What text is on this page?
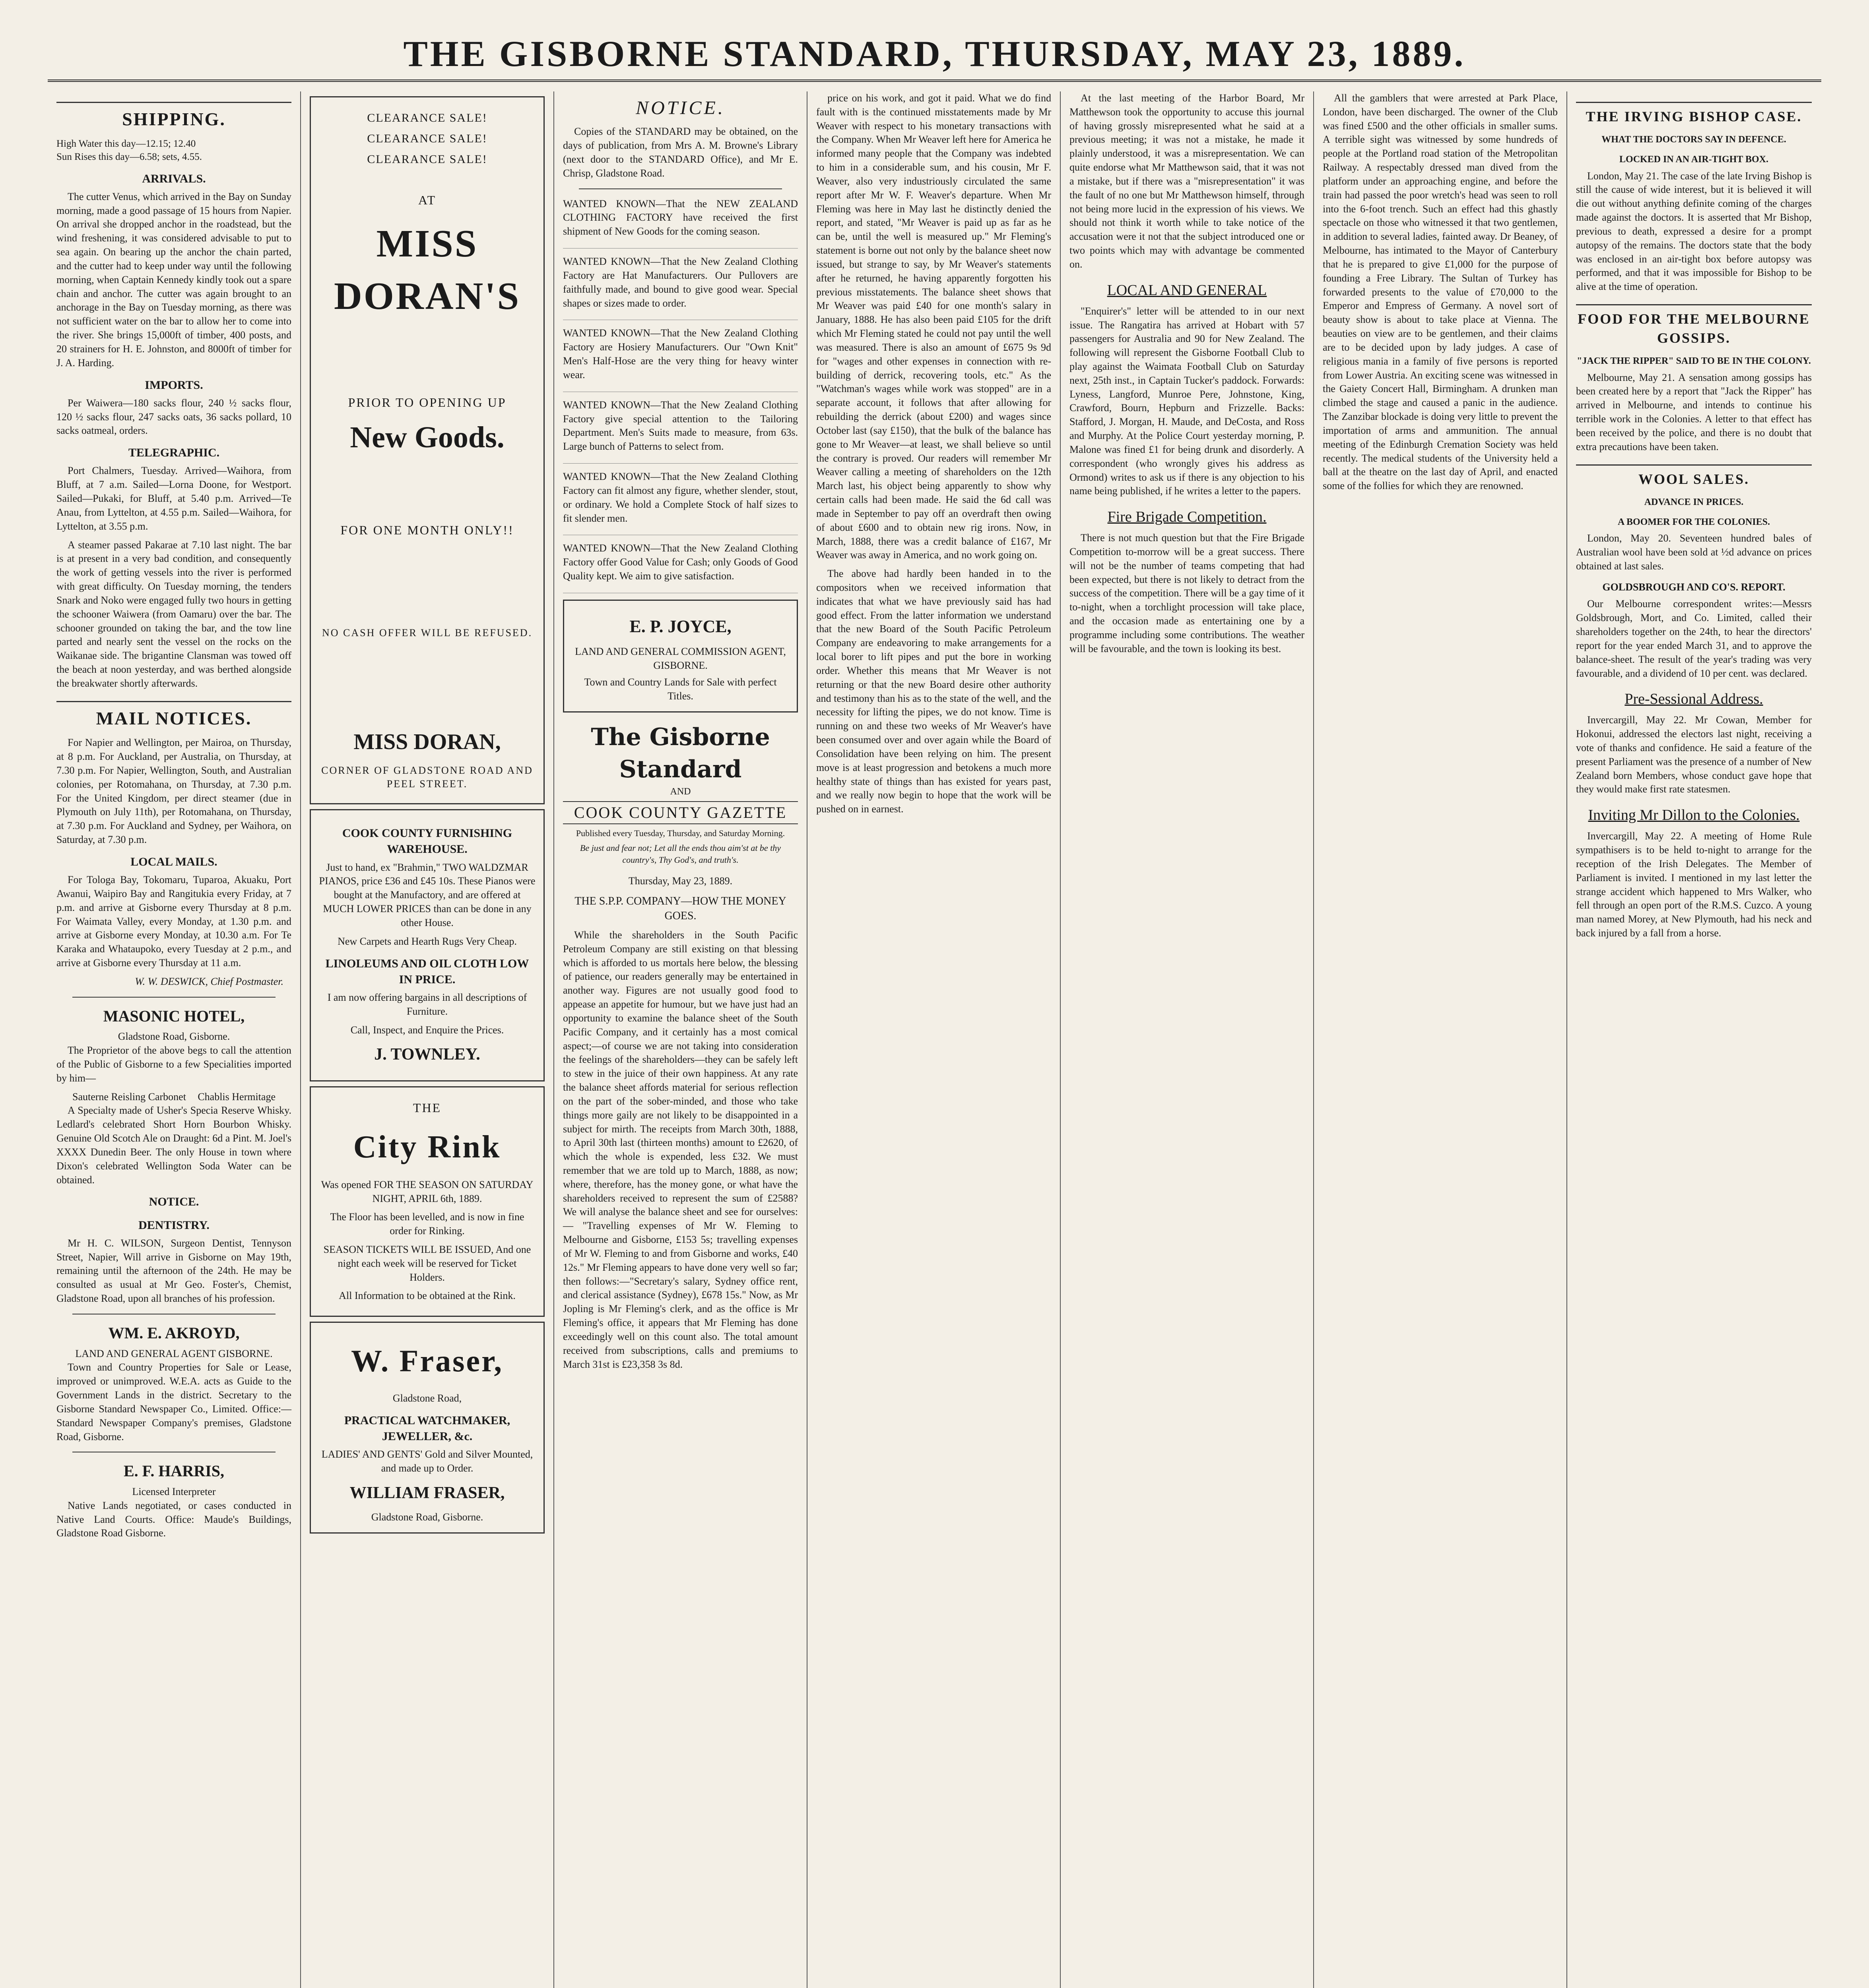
THE GISBORNE STANDARD, THURSDAY, MAY 23, 1889.
SHIPPING.
High Water this day—12.15; 12.40
Sun Rises this day—6.58; sets, 4.55.
ARRIVALS.

The cutter Venus, which arrived in the Bay on Sunday morning, made a good passage of 15 hours from Napier. On arrival she dropped anchor in the roadstead, but the wind freshening, it was considered advisable to put to sea again. On bearing up the anchor the chain parted, and the cutter had to keep under way until the following morning, when Captain Kennedy kindly took out a spare chain and anchor. The cutter was again brought to an anchorage in the Bay on Tuesday morning, as there was not sufficient water on the bar to allow her to come into the river. She brings 15,000ft of timber, 400 posts, and 20 strainers for H. E. Johnston, and 8000ft of timber for J. A. Harding.

IMPORTS.

Per Waiwera—180 sacks flour, 240 ½ sacks flour, 120 ½ sacks flour, 247 sacks oats, 36 sacks pollard, 10 sacks oatmeal, orders.

TELEGRAPHIC.

Port Chalmers, Tuesday. Arrived—Waihora, from Bluff, at 7 a.m. Sailed—Lorna Doone, for Westport. Sailed—Pukaki, for Bluff, at 5.40 p.m. Arrived—Te Anau, from Lyttelton, at 4.55 p.m. Sailed—Waihora, for Lyttelton, at 3.55 p.m.

A steamer passed Pakarae at 7.10 last night. The bar is at present in a very bad condition, and consequently the work of getting vessels into the river is performed with great difficulty. On Tuesday morning, the tenders Snark and Noko were engaged fully two hours in getting the schooner Waiwera (from Oamaru) over the bar. The schooner grounded on taking the bar, and the tow line parted and nearly sent the vessel on the rocks on the Waikanae side. The brigantine Clansman was towed off the beach at noon yesterday, and was berthed alongside the breakwater shortly afterwards.

MAIL NOTICES.

For Napier and Wellington, per Mairoa, on Thursday, at 8 p.m. For Auckland, per Australia, on Thursday, at 7.30 p.m. For Napier, Wellington, South, and Australian colonies, per Rotomahana, on Thursday, at 7.30 p.m. For the United Kingdom, per direct steamer (due in Plymouth on July 11th), per Rotomahana, on Thursday, at 7.30 p.m. For Auckland and Sydney, per Waihora, on Saturday, at 7.30 p.m.

LOCAL MAILS.

For Tologa Bay, Tokomaru, Tuparoa, Akuaku, Port Awanui, Waipiro Bay and Rangitukia every Friday, at 7 p.m. and arrive at Gisborne every Thursday at 8 p.m. For Waimata Valley, every Monday, at 1.30 p.m. and arrive at Gisborne every Monday, at 10.30 a.m. For Te Karaka and Whataupoko, every Tuesday at 2 p.m., and arrive at Gisborne every Thursday at 11 a.m.

W. W. DESWICK, Chief Postmaster.
MASONIC HOTEL,
Gladstone Road, Gisborne.

The Proprietor of the above begs to call the attention of the Public of Gisborne to a few Specialities imported by him—

Sauterne Reisling Carbonet Chablis Hermitage

A Specialty made of Usher's Specia Reserve Whisky. Ledlard's celebrated Short Horn Bourbon Whisky. Genuine Old Scotch Ale on Draught: 6d a Pint. M. Joel's XXXX Dunedin Beer. The only House in town where Dixon's celebrated Wellington Soda Water can be obtained.

NOTICE.
DENTISTRY.

Mr H. C. WILSON, Surgeon Dentist, Tennyson Street, Napier, Will arrive in Gisborne on May 19th, remaining until the afternoon of the 24th. He may be consulted as usual at Mr Geo. Foster's, Chemist, Gladstone Road, upon all branches of his profession.

WM. E. AKROYD,
LAND AND GENERAL AGENT GISBORNE.

Town and Country Properties for Sale or Lease, improved or unimproved. W.E.A. acts as Guide to the Government Lands in the district. Secretary to the Gisborne Standard Newspaper Co., Limited. Office:—Standard Newspaper Company's premises, Gladstone Road, Gisborne.

E. F. HARRIS,
Licensed Interpreter

Native Lands negotiated, or cases conducted in Native Land Courts. Office: Maude's Buildings, Gladstone Road Gisborne.

CLEARANCE SALE!
CLEARANCE SALE!
CLEARANCE SALE!
AT
MISS DORAN'S
PRIOR TO OPENING UP
New Goods.
FOR ONE MONTH ONLY!!
NO CASH OFFER WILL BE REFUSED.
MISS DORAN,
CORNER OF GLADSTONE ROAD AND PEEL STREET.
COOK COUNTY FURNISHING WAREHOUSE.

Just to hand, ex "Brahmin," TWO WALDZMAR PIANOS, price £36 and £45 10s. These Pianos were bought at the Manufactory, and are offered at MUCH LOWER PRICES than can be done in any other House.

New Carpets and Hearth Rugs Very Cheap.

LINOLEUMS AND OIL CLOTH LOW IN PRICE.

I am now offering bargains in all descriptions of Furniture.

Call, Inspect, and Enquire the Prices.

J. TOWNLEY.
THE
City Rink

Was opened FOR THE SEASON ON SATURDAY NIGHT, APRIL 6th, 1889.

The Floor has been levelled, and is now in fine order for Rinking.

SEASON TICKETS WILL BE ISSUED, And one night each week will be reserved for Ticket Holders.

All Information to be obtained at the Rink.

W. Fraser,
Gladstone Road,
PRACTICAL WATCHMAKER, JEWELLER, &c.

LADIES' AND GENTS' Gold and Silver Mounted, and made up to Order.

WILLIAM FRASER,
Gladstone Road, Gisborne.
NOTICE.

Copies of the STANDARD may be obtained, on the days of publication, from Mrs A. M. Browne's Library (next door to the STANDARD Office), and Mr E. Chrisp, Gladstone Road.

WANTED KNOWN—That the NEW ZEALAND CLOTHING FACTORY have received the first shipment of New Goods for the coming season.

WANTED KNOWN—That the New Zealand Clothing Factory are Hat Manufacturers. Our Pullovers are faithfully made, and bound to give good wear. Special shapes or sizes made to order.

WANTED KNOWN—That the New Zealand Clothing Factory are Hosiery Manufacturers. Our "Own Knit" Men's Half-Hose are the very thing for heavy winter wear.

WANTED KNOWN—That the New Zealand Clothing Factory give special attention to the Tailoring Department. Men's Suits made to measure, from 63s. Large bunch of Patterns to select from.

WANTED KNOWN—That the New Zealand Clothing Factory can fit almost any figure, whether slender, stout, or ordinary. We hold a Complete Stock of half sizes to fit slender men.

WANTED KNOWN—That the New Zealand Clothing Factory offer Good Value for Cash; only Goods of Good Quality kept. We aim to give satisfaction.

E. P. JOYCE,
LAND AND GENERAL COMMISSION AGENT, GISBORNE.
Town and Country Lands for Sale with perfect Titles.
The Gisborne Standard
AND
COOK COUNTY GAZETTE
Published every Tuesday, Thursday, and Saturday Morning.
Be just and fear not; Let all the ends thou aim'st at be thy country's, Thy God's, and truth's.
Thursday, May 23, 1889.
THE S.P.P. COMPANY—HOW THE MONEY GOES.

While the shareholders in the South Pacific Petroleum Company are still existing on that blessing which is afforded to us mortals here below, the blessing of patience, our readers generally may be entertained in another way. Figures are not usually good food to appease an appetite for humour, but we have just had an opportunity to examine the balance sheet of the South Pacific Company, and it certainly has a most comical aspect;—of course we are not taking into consideration the feelings of the shareholders—they can be safely left to stew in the juice of their own happiness. At any rate the balance sheet affords material for serious reflection on the part of the sober-minded, and those who take things more gaily are not likely to be disappointed in a subject for mirth. The receipts from March 30th, 1888, to April 30th last (thirteen months) amount to £2620, of which the whole is expended, less £32. We must remember that we are told up to March, 1888, as now; where, therefore, has the money gone, or what have the shareholders received to represent the sum of £2588? We will analyse the balance sheet and see for ourselves:— "Travelling expenses of Mr W. Fleming to Melbourne and Gisborne, £153 5s; travelling expenses of Mr W. Fleming to and from Gisborne and works, £40 12s." Mr Fleming appears to have done very well so far; then follows:—"Secretary's salary, Sydney office rent, and clerical assistance (Sydney), £678 15s." Now, as Mr Jopling is Mr Fleming's clerk, and as the office is Mr Fleming's office, it appears that Mr Fleming has done exceedingly well on this count also. The total amount received from subscriptions, calls and premiums to March 31st is £23,358 3s 8d.

price on his work, and got it paid. What we do find fault with is the continued misstatements made by Mr Weaver with respect to his monetary transactions with the Company. When Mr Weaver left here for America he informed many people that the Company was indebted to him in a considerable sum, and his cousin, Mr F. Weaver, also very industriously circulated the same report after Mr W. F. Weaver's departure. When Mr Fleming was here in May last he distinctly denied the report, and stated, "Mr Weaver is paid up as far as he can be, until the well is measured up." Mr Fleming's statement is borne out not only by the balance sheet now issued, but strange to say, by Mr Weaver's statements after he returned, he having apparently forgotten his previous misstatements. The balance sheet shows that Mr Weaver was paid £40 for one month's salary in January, 1888. He has also been paid £105 for the drift which Mr Fleming stated he could not pay until the well was measured. There is also an amount of £675 9s 9d for "wages and other expenses in connection with re-building of derrick, recovering tools, etc." As the "Watchman's wages while work was stopped" are in a separate account, it follows that after allowing for rebuilding the derrick (about £200) and wages since October last (say £150), that the bulk of the balance has gone to Mr Weaver—at least, we shall believe so until the contrary is proved. Our readers will remember Mr Weaver calling a meeting of shareholders on the 12th March last, his object being apparently to show why certain calls had been made. He said the 6d call was made in September to pay off an overdraft then owing of about £600 and to obtain new rig irons. Now, in March, 1888, there was a credit balance of £167, Mr Weaver was away in America, and no work going on.

The above had hardly been handed in to the compositors when we received information that indicates that what we have previously said has had good effect. From the latter information we understand that the new Board of the South Pacific Petroleum Company are endeavoring to make arrangements for a local borer to lift pipes and put the bore in working order. Whether this means that Mr Weaver is not returning or that the new Board desire other authority and testimony than his as to the state of the well, and the necessity for lifting the pipes, we do not know. Time is running on and these two weeks of Mr Weaver's have been consumed over and over again while the Board of Consolidation have been relying on him. The present move is at least progression and betokens a much more healthy state of things than has existed for years past, and we really now begin to hope that the work will be pushed on in earnest.

At the last meeting of the Harbor Board, Mr Matthewson took the opportunity to accuse this journal of having grossly misrepresented what he said at a previous meeting; it was not a mistake, he made it plainly understood, it was a misrepresentation. We can quite endorse what Mr Matthewson said, that it was not a mistake, but if there was a "misrepresentation" it was the fault of no one but Mr Matthewson himself, through not being more lucid in the expression of his views. We should not think it worth while to take notice of the accusation were it not that the subject introduced one or two points which may with advantage be commented on.

LOCAL AND GENERAL

"Enquirer's" letter will be attended to in our next issue. The Rangatira has arrived at Hobart with 57 passengers for Australia and 90 for New Zealand. The following will represent the Gisborne Football Club to play against the Waimata Football Club on Saturday next, 25th inst., in Captain Tucker's paddock. Forwards: Lyness, Langford, Munroe Pere, Johnstone, King, Crawford, Bourn, Hepburn and Frizzelle. Backs: Stafford, J. Morgan, H. Maude, and DeCosta, and Ross and Murphy. At the Police Court yesterday morning, P. Malone was fined £1 for being drunk and disorderly. A correspondent (who wrongly gives his address as Ormond) writes to ask us if there is any objection to his name being published, if he writes a letter to the papers.

Fire Brigade Competition.

There is not much question but that the Fire Brigade Competition to-morrow will be a great success. There will not be the number of teams competing that had been expected, but there is not likely to detract from the success of the competition. There will be a gay time of it to-night, when a torchlight procession will take place, and the occasion made as entertaining one by a programme including some contributions. The weather will be favourable, and the town is looking its best.

All the gamblers that were arrested at Park Place, London, have been discharged. The owner of the Club was fined £500 and the other officials in smaller sums. A terrible sight was witnessed by some hundreds of people at the Portland road station of the Metropolitan Railway. A respectably dressed man dived from the platform under an approaching engine, and before the train had passed the poor wretch's head was seen to roll into the 6-foot trench. Such an effect had this ghastly spectacle on those who witnessed it that two gentlemen, in addition to several ladies, fainted away. Dr Beaney, of Melbourne, has intimated to the Mayor of Canterbury that he is prepared to give £1,000 for the purpose of founding a Free Library. The Sultan of Turkey has forwarded presents to the value of £70,000 to the Emperor and Empress of Germany. A novel sort of beauty show is about to take place at Vienna. The beauties on view are to be gentlemen, and their claims are to be decided upon by lady judges. A case of religious mania in a family of five persons is reported from Lower Austria. An exciting scene was witnessed in the Gaiety Concert Hall, Birmingham. A drunken man climbed the stage and caused a panic in the audience. The Zanzibar blockade is doing very little to prevent the importation of arms and ammunition. The annual meeting of the Edinburgh Cremation Society was held recently. The medical students of the University held a ball at the theatre on the last day of April, and enacted some of the follies for which they are renowned.

THE IRVING BISHOP CASE.
WHAT THE DOCTORS SAY IN DEFENCE.
LOCKED IN AN AIR-TIGHT BOX.

London, May 21. The case of the late Irving Bishop is still the cause of wide interest, but it is believed it will die out without anything definite coming of the charges made against the doctors. It is asserted that Mr Bishop, previous to death, expressed a desire for a prompt autopsy of the remains. The doctors state that the body was enclosed in an air-tight box before autopsy was performed, and that it was impossible for Bishop to be alive at the time of operation.

FOOD FOR THE MELBOURNE GOSSIPS.
"JACK THE RIPPER" SAID TO BE IN THE COLONY.

Melbourne, May 21. A sensation among gossips has been created here by a report that "Jack the Ripper" has arrived in Melbourne, and intends to continue his terrible work in the Colonies. A letter to that effect has been received by the police, and there is no doubt that extra precautions have been taken.

WOOL SALES.
ADVANCE IN PRICES.
A BOOMER FOR THE COLONIES.

London, May 20. Seventeen hundred bales of Australian wool have been sold at ½d advance on prices obtained at last sales.

GOLDSBROUGH AND CO'S. REPORT.

Our Melbourne correspondent writes:—Messrs Goldsbrough, Mort, and Co. Limited, called their shareholders together on the 24th, to hear the directors' report for the year ended March 31, and to approve the balance-sheet. The result of the year's trading was very favourable, and a dividend of 10 per cent. was declared.

Pre-Sessional Address.

Invercargill, May 22. Mr Cowan, Member for Hokonui, addressed the electors last night, receiving a vote of thanks and confidence. He said a feature of the present Parliament was the presence of a number of New Zealand born Members, whose conduct gave hope that they would make first rate statesmen.

Inviting Mr Dillon to the Colonies.

Invercargill, May 22. A meeting of Home Rule sympathisers is to be held to-night to arrange for the reception of the Irish Delegates. The Member of Parliament is invited. I mentioned in my last letter the strange accident which happened to Mrs Walker, who fell through an open port of the R.M.S. Cuzco. A young man named Morey, at New Plymouth, had his neck and back injured by a fall from a horse.
